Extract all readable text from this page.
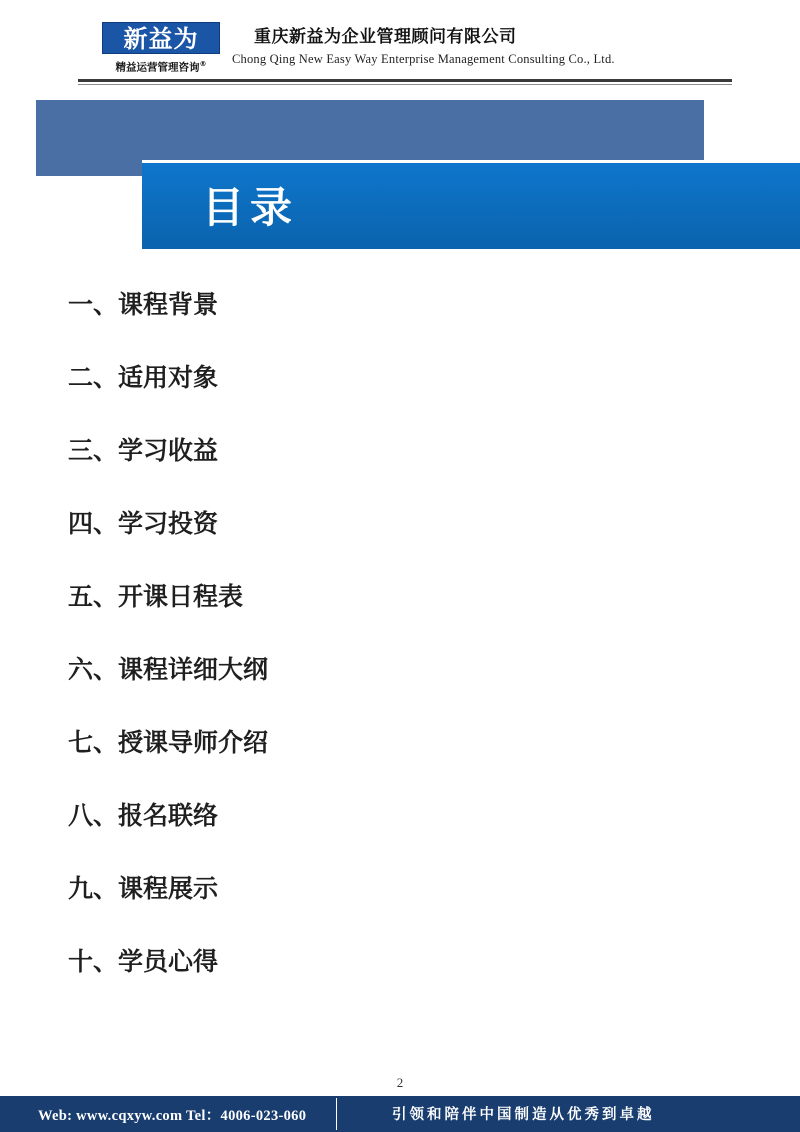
新益为
精益运营管理咨询®
重庆新益为企业管理顾问有限公司
Chong Qing New Easy Way Enterprise Management Consulting Co., Ltd.
目录
一、课程背景
二、适用对象
三、学习收益
四、学习投资
五、开课日程表
六、课程详细大纲
七、授课导师介绍
八、报名联络
九、课程展示
十、学员心得
2
Web: www.cqxyw.com Tel：4006-023-060	引领和陪伴中国制造从优秀到卓越
